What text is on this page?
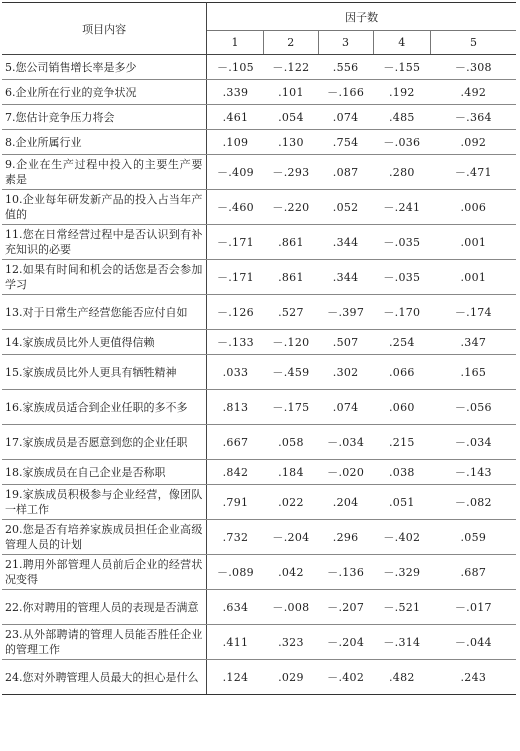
项目内容	因子数				
	1	2	3	4	5
5.您公司销售增长率是多少	－.105	－.122	.556	－.155	－.308
6.企业所在行业的竞争状况	.339	.101	－.166	.192	.492
7.您估计竞争压力将会	.461	.054	.074	.485	－.364
8.企业所属行业	.109	.130	.754	－.036	.092
9.企业在生产过程中投入的主要生产要素是	－.409	－.293	.087	.280	－.471
10.企业每年研发新产品的投入占当年产值的	－.460	－.220	.052	－.241	.006
11.您在日常经营过程中是否认识到有补充知识的必要	－.171	.861	.344	－.035	.001
12.如果有时间和机会的话您是否会参加学习	－.171	.861	.344	－.035	.001
13.对于日常生产经营您能否应付自如	－.126	.527	－.397	－.170	－.174
14.家族成员比外人更值得信赖	－.133	－.120	.507	.254	.347
15.家族成员比外人更具有牺牲精神	.033	－.459	.302	.066	.165
16.家族成员适合到企业任职的多不多	.813	－.175	.074	.060	－.056
17.家族成员是否愿意到您的企业任职	.667	.058	－.034	.215	－.034
18.家族成员在自己企业是否称职	.842	.184	－.020	.038	－.143
19.家族成员积极参与企业经营，像团队一样工作	.791	.022	.204	.051	－.082
20.您是否有培养家族成员担任企业高级管理人员的计划	.732	－.204	.296	－.402	.059
21.聘用外部管理人员前后企业的经营状况变得	－.089	.042	－.136	－.329	.687
22.你对聘用的管理人员的表现是否满意	.634	－.008	－.207	－.521	－.017
23.从外部聘请的管理人员能否胜任企业的管理工作	.411	.323	－.204	－.314	－.044
24.您对外聘管理人员最大的担心是什么	.124	.029	－.402	.482	.243
